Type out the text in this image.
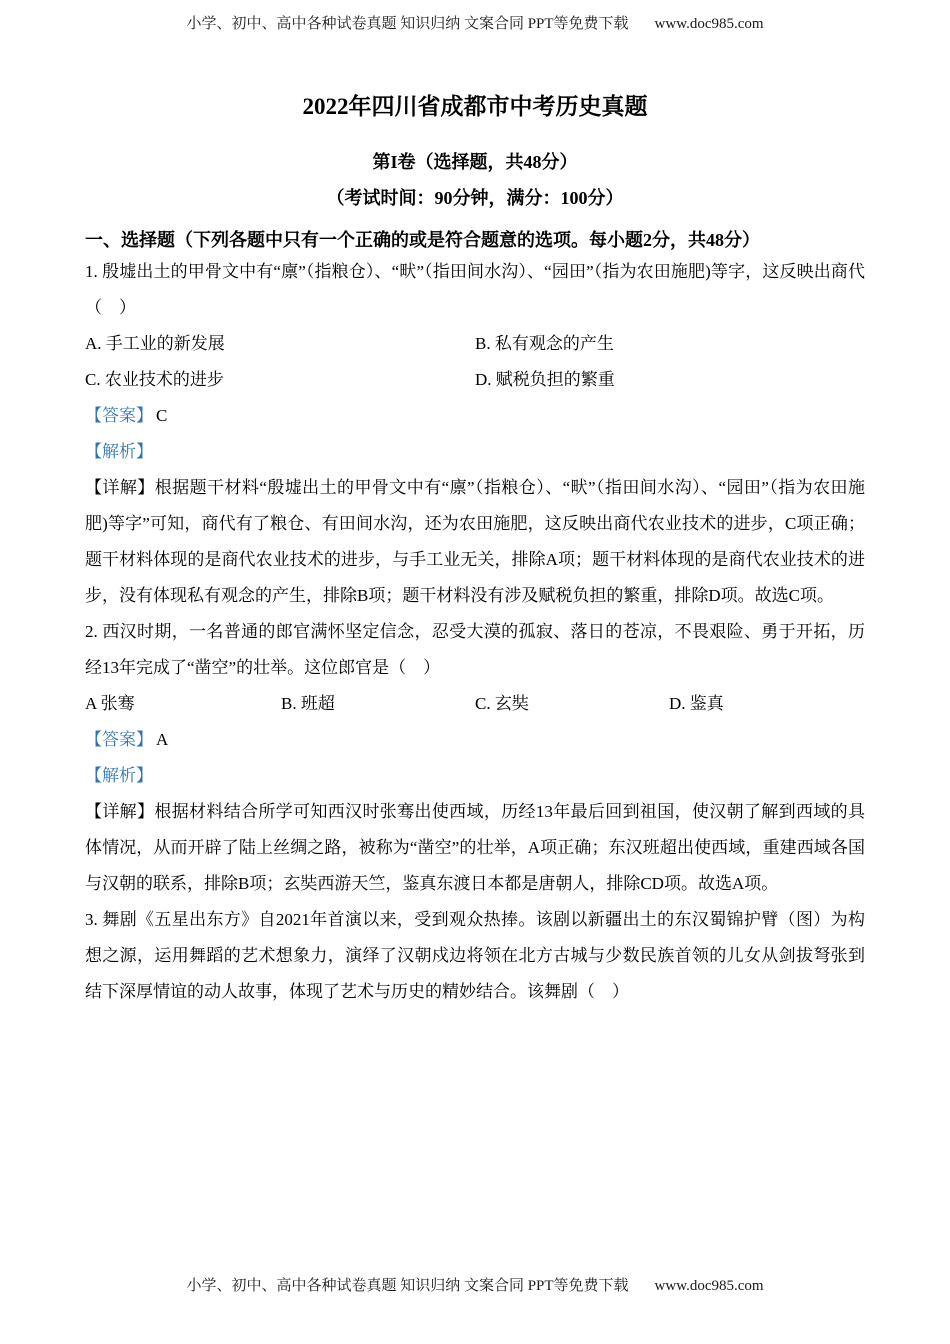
小学、初中、高中各种试卷真题 知识归纳 文案合同 PPT等免费下载 www.doc985.com
2022年四川省成都市中考历史真题
第I卷（选择题，共48分）
（考试时间：90分钟，满分：100分）
一、选择题（下列各题中只有一个正确的或是符合题意的选项。每小题2分，共48分）

1. 殷墟出土的甲骨文中有“廪”（指粮仓）、“畎”（指田间水沟）、“园田”（指为农田施肥)等字，这反映出商代（　）

A. 手工业的新发展	B. 私有观念的产生
C. 农业技术的进步	D. 赋税负担的繁重

【答案】 C

【解析】

【详解】根据题干材料“殷墟出土的甲骨文中有“廪”（指粮仓）、“畎”（指田间水沟）、“园田”（指为农田施肥)等字”可知，商代有了粮仓、有田间水沟，还为农田施肥，这反映出商代农业技术的进步，C项正确；题干材料体现的是商代农业技术的进步，与手工业无关，排除A项；题干材料体现的是商代农业技术的进步，没有体现私有观念的产生，排除B项；题干材料没有涉及赋税负担的繁重，排除D项。故选C项。

2. 西汉时期，一名普通的郎官满怀坚定信念，忍受大漠的孤寂、落日的苍凉，不畏艰险、勇于开拓，历经13年完成了“凿空”的壮举。这位郎官是（　）

A 张骞	B. 班超	C. 玄奘	D. 鉴真

【答案】 A

【解析】

【详解】根据材料结合所学可知西汉时张骞出使西域，历经13年最后回到祖国，使汉朝了解到西域的具体情况，从而开辟了陆上丝绸之路，被称为“凿空”的壮举，A项正确；东汉班超出使西域，重建西域各国与汉朝的联系，排除B项；玄奘西游天竺，鉴真东渡日本都是唐朝人，排除CD项。故选A项。

3. 舞剧《五星出东方》自2021年首演以来，受到观众热捧。该剧以新疆出土的东汉蜀锦护臂（图）为构想之源，运用舞蹈的艺术想象力，演绎了汉朝戍边将领在北方古城与少数民族首领的儿女从剑拔弩张到结下深厚情谊的动人故事，体现了艺术与历史的精妙结合。该舞剧（　）

小学、初中、高中各种试卷真题 知识归纳 文案合同 PPT等免费下载 www.doc985.com
